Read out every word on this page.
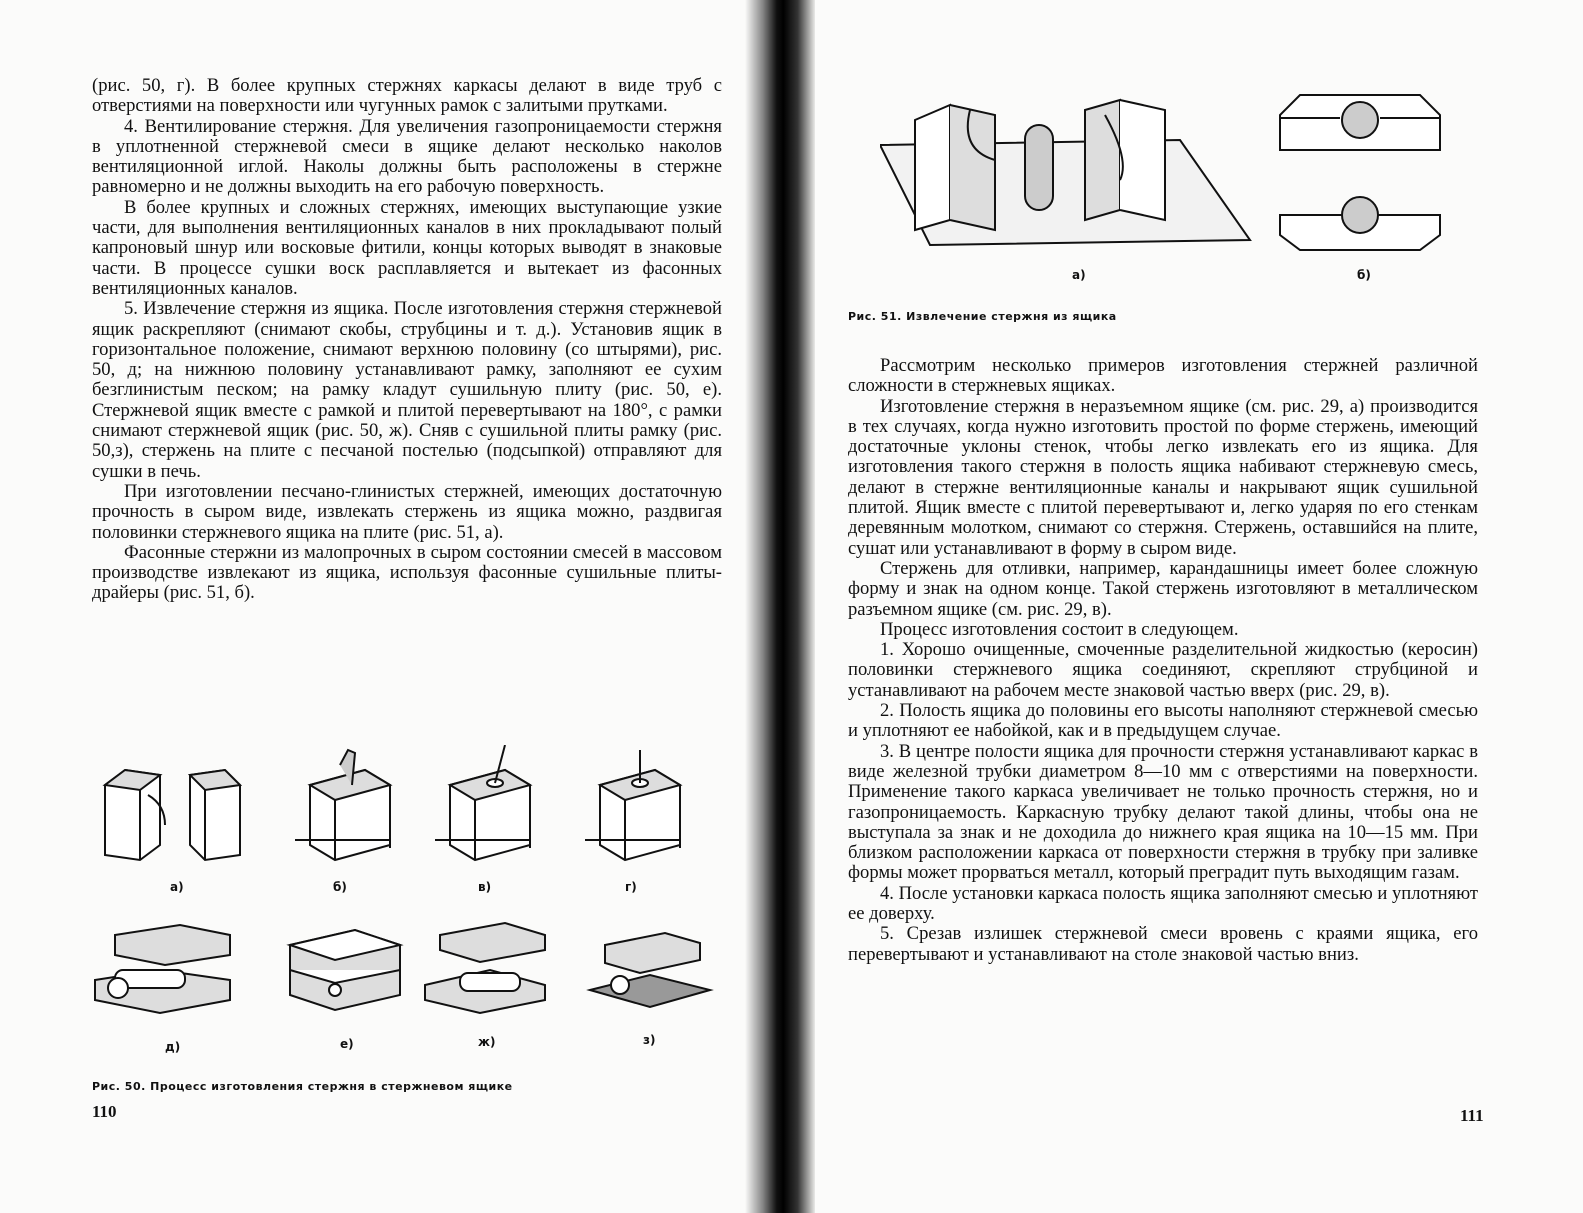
(рис. 50, г). В более крупных стержнях каркасы делают в виде труб с отверстиями на поверхности или чугунных рамок с залитыми прутками.

4. Вентилирование стержня. Для увеличения газопроницаемости стержня в уплотненной стержневой смеси в ящике делают несколько наколов вентиляционной иглой. Наколы должны быть расположены в стержне равномерно и не должны выходить на его рабочую поверхность.

В более крупных и сложных стержнях, имеющих выступающие узкие части, для выполнения вентиляционных каналов в них прокладывают полый капроновый шнур или восковые фитили, концы которых выводят в знаковые части. В процессе сушки воск расплавляется и вытекает из фасонных вентиляционных каналов.

5. Извлечение стержня из ящика. После изготовления стержня стержневой ящик раскрепляют (снимают скобы, струбцины и т. д.). Установив ящик в горизонтальное положение, снимают верхнюю половину (со штырями), рис. 50, д; на нижнюю половину устанавливают рамку, заполняют ее сухим безглинистым песком; на рамку кладут сушильную плиту (рис. 50, е). Стержневой ящик вместе с рамкой и плитой перевертывают на 180°, с рамки снимают стержневой ящик (рис. 50, ж). Сняв с сушильной плиты рамку (рис. 50,з), стержень на плите с песчаной постелью (подсыпкой) отправляют для сушки в печь.

При изготовлении песчано-глинистых стержней, имеющих достаточную прочность в сыром виде, извлекать стержень из ящика можно, раздвигая половинки стержневого ящика на плите (рис. 51, а).

Фасонные стержни из малопрочных в сыром состоянии смесей в массовом производстве извлекают из ящика, используя фасонные сушильные плиты-драйеры (рис. 51, б).

а)	б)	в)	г)
д)	е)	ж)	з)
Рис. 50. Процесс изготовления стержня в стержневом ящике
110
а)	б)
Рис. 51. Извлечение стержня из ящика

Рассмотрим несколько примеров изготовления стержней различной сложности в стержневых ящиках.

Изготовление стержня в неразъемном ящике (см. рис. 29, а) производится в тех случаях, когда нужно изготовить простой по форме стержень, имеющий достаточные уклоны стенок, чтобы легко извлекать его из ящика. Для изготовления такого стержня в полость ящика набивают стержневую смесь, делают в стержне вентиляционные каналы и накрывают ящик сушильной плитой. Ящик вместе с плитой перевертывают и, легко ударяя по его стенкам деревянным молотком, снимают со стержня. Стержень, оставшийся на плите, сушат или устанавливают в форму в сыром виде.

Стержень для отливки, например, карандашницы имеет более сложную форму и знак на одном конце. Такой стержень изготовляют в металлическом разъемном ящике (см. рис. 29, в).

Процесс изготовления состоит в следующем.

1. Хорошо очищенные, смоченные разделительной жидкостью (керосин) половинки стержневого ящика соединяют, скрепляют струбциной и устанавливают на рабочем месте знаковой частью вверх (рис. 29, в).

2. Полость ящика до половины его высоты наполняют стержневой смесью и уплотняют ее набойкой, как и в предыдущем случае.

3. В центре полости ящика для прочности стержня устанавливают каркас в виде железной трубки диаметром 8—10 мм с отверстиями на поверхности. Применение такого каркаса увеличивает не только прочность стержня, но и газопроницаемость. Каркасную трубку делают такой длины, чтобы она не выступала за знак и не доходила до нижнего края ящика на 10—15 мм. При близком расположении каркаса от поверхности стержня в трубку при заливке формы может прорваться металл, который преградит путь выходящим газам.

4. После установки каркаса полость ящика заполняют смесью и уплотняют ее доверху.

5. Срезав излишек стержневой смеси вровень с краями ящика, его перевертывают и устанавливают на столе знаковой частью вниз.

111
